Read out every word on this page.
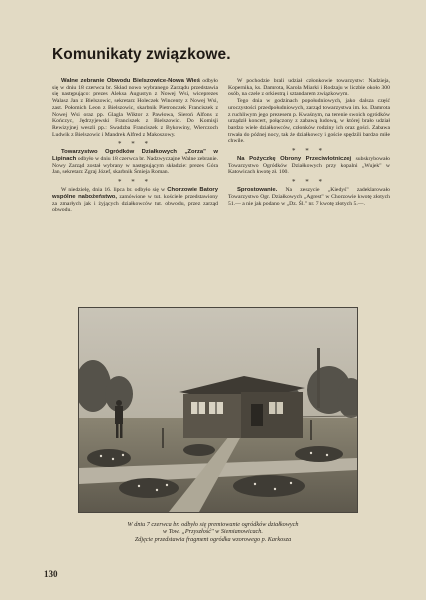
Komunikaty związkowe.

Walne zebranie Obwodu Bielszowice-Nowa Wieś odbyło się w dniu 18 czerwca br. Skład nowo wybranego Zarządu przedstawia się następująco: prezes Aleksa Augustyn z Nowej Wsi, wiceprezes Walasz Jan z Bielszowic, sekretarz Holeczek Wincenty z Nowej Wsi, zast. Połomich Leon z Bielszowic, skarbnik Pietronczek Franciszek z Nowej Wsi oraz pp. Glagla Wiktor z Pawłowa, Sieroń Alfons z Kończyc, Jędrzyjewski Franciszek z Bielszowic. Do Komisji Rewizyjnej weszli pp.: Swadzba Franciszek z Bykowiny, Wierczoch Ludwik z Bielszowic i Mandrek Alfred z Makoszowy.

* * *

Towarzystwo Ogródków Działkowych „Zorza" w Lipinach odbyło w dniu 18 czerwca br. Nadzwyczajne Walne zebranie. Nowy Zarząd został wybrany w następującym składzie: prezes Góra Jan, sekretarz Zgraj Józef, skarbnik Śmieja Roman.

* * *

W niedzielę, dnia 16. lipca br. odbyło się w Chorzowie Batory wspólne nabożeństwo, zamówione w tut. kościele przedstawiony za zmarłych jak i żyjących działkowców tut. obwodu, przez zarząd obwodu.

W pochodzie brali udział członkowie towarzystw: Nadzieja, Kopernika, ks. Damrota, Karola Miarki i Rodzaju w liczbie około 300 osób, na czele z orkiestrą i sztandarem związkowym.

Tego dnia w godzinach popołudniowych, jako dalsza część uroczystości przedpołudniowych, zarząd towarzystwa im. ks. Damrota z ruchliwym jego prezesem p. Kwaśnym, na terenie swoich ogródków urządził koncert, połączony z zabawą ludową, w której brało udział bardzo wiele działkowców, członków rodziny ich oraz gości. Zabawa trwała do późnej nocy, tak że działkowcy i goście spędzili bardzo miłe chwile.

* * *

Na Pożyczkę Obrony Przeciwlotniczej subskrybowało Towarzystwo Ogródków Działkowych przy kopalni „Wujek" w Katowicach kwotę zł. 100.

* * *

Sprostowanie. Na zeszycie „Kiedyś" zadeklarowało Towarzystwo Ogr. Działkowych „Agrest" w Chorzowie kwotę złotych 51.— a nie jak podano w „Dz. Śl." nr. 7 kwotę złotych 5.—.

W dniu 7 czerwca br. odbyło się premiowanie ogródków działkowych
w Tow. „Przyszłość" w Siemianowicach.
Zdjęcie przedstawia fragment ogródka wzorowego p. Karkosza
130
